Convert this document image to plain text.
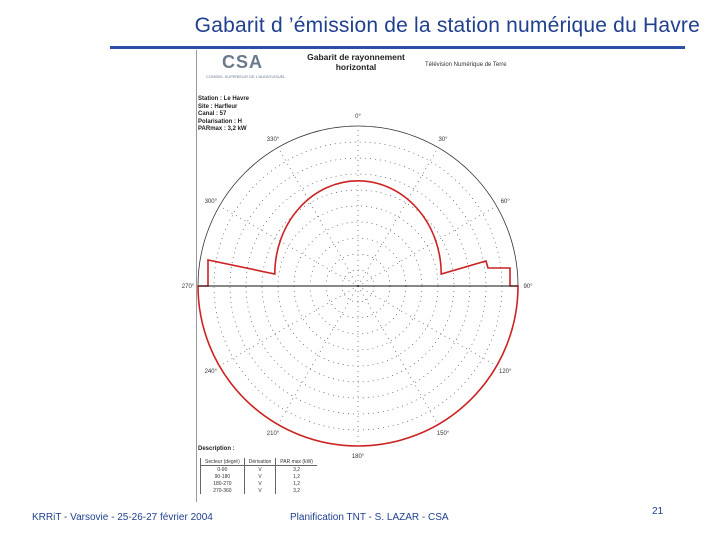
Gabarit d ’émission de la station numérique du Havre
CSA
CONSEIL SUPERIEUR DE L'AUDIOVISUEL
Gabarit de rayonnement
horizontal	Télévision Numérique de Terre
Station : Le Havre
Site : Harfleur
Canal : 57
Polarisation : H
PARmax : 3,2 kW
0°
30°
60°
90°
120°
150°
180°
210°
240°
270°
300°
330°
Description :
Secteur (degré)	Dérivation	PAR max (kW)
0-90	V	3,2
90-180	V	1,2
180-270	V	1,2
270-360	V	3,2
KRRiT - Varsovie - 25-26-27 février 2004	Planification TNT - S. LAZAR - CSA
21
